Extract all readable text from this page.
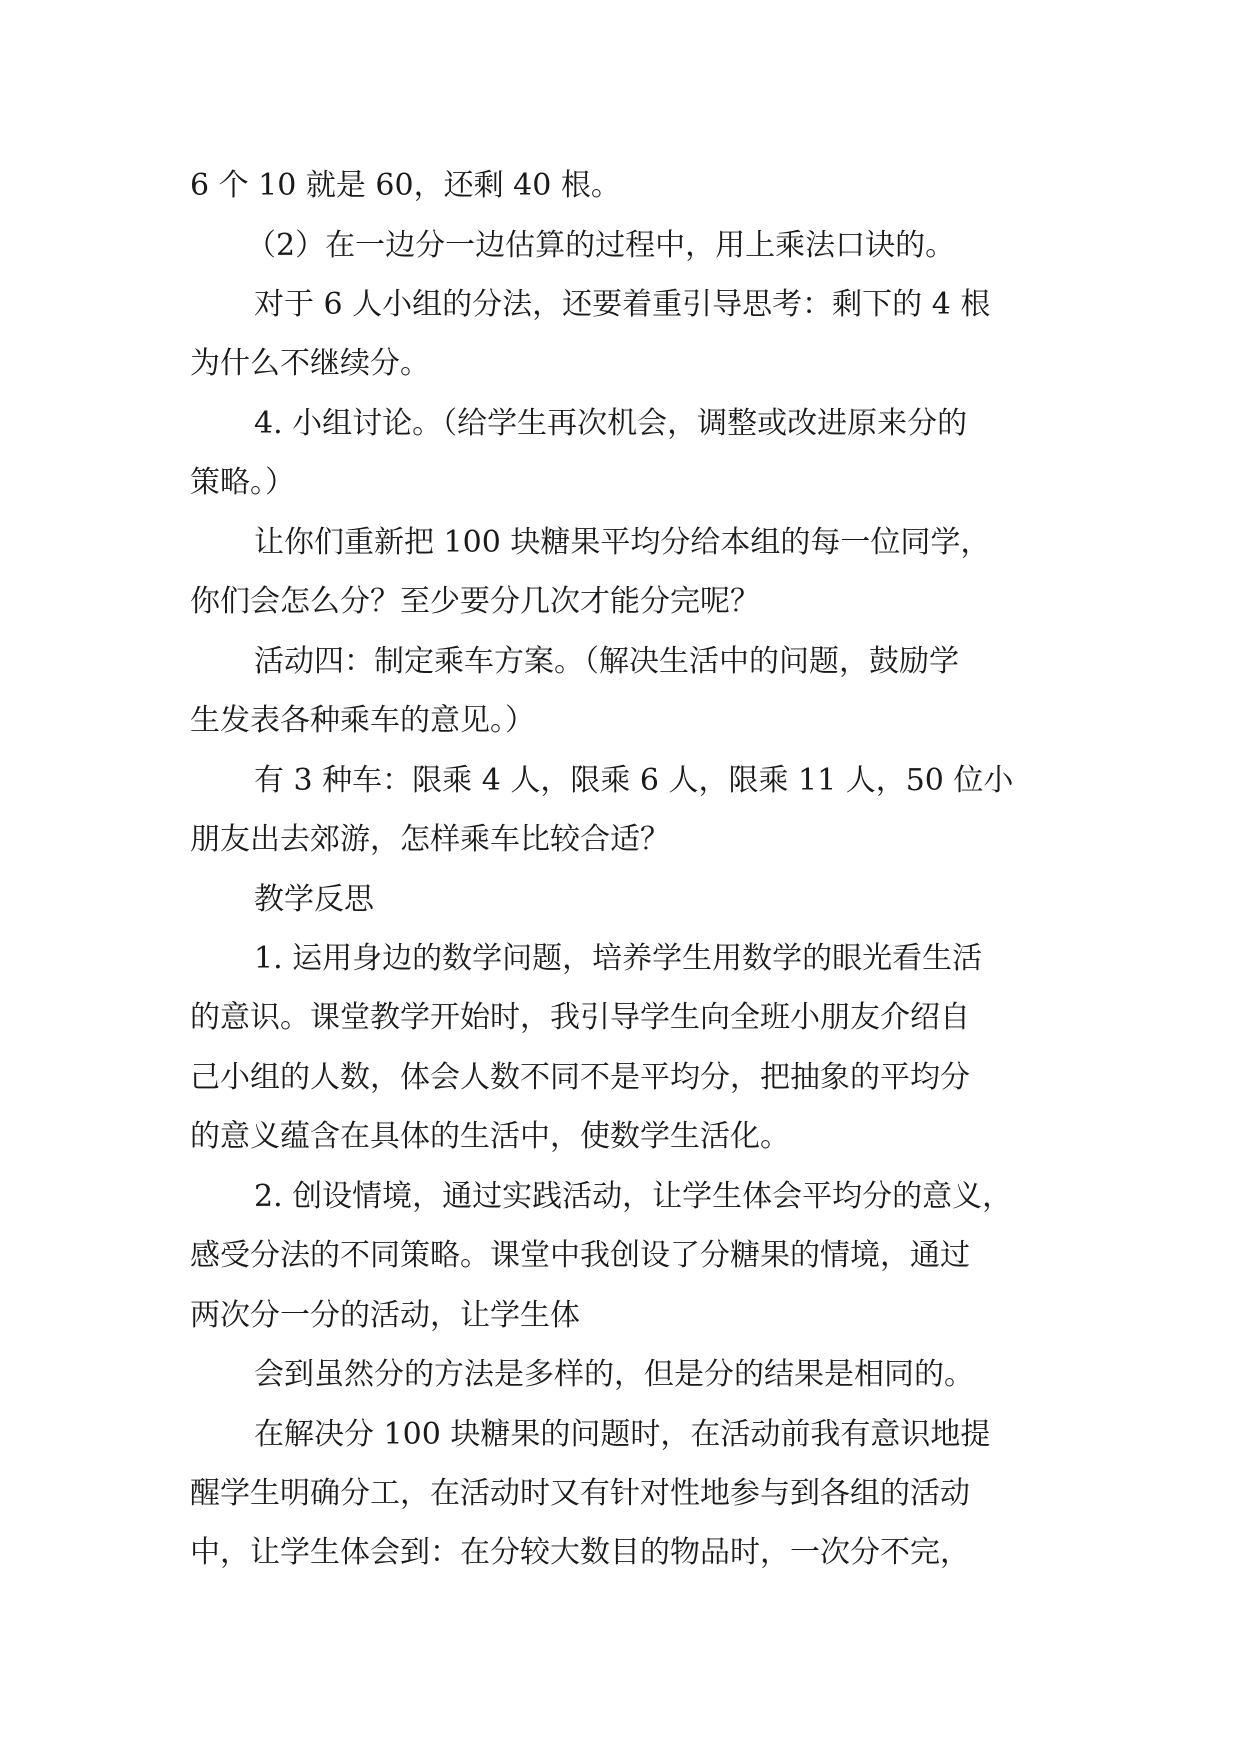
6 个 10 就是 60，还剩 40 根。
（2）在一边分一边估算的过程中，用上乘法口诀的。
对于 6 人小组的分法，还要着重引导思考：剩下的 4 根
为什么不继续分。
4. 小组讨论。（给学生再次机会，调整或改进原来分的
策略。）
让你们重新把 100 块糖果平均分给本组的每一位同学，
你们会怎么分？至少要分几次才能分完呢？
活动四：制定乘车方案。（解决生活中的问题，鼓励学
生发表各种乘车的意见。）
有 3 种车：限乘 4 人，限乘 6 人，限乘 11 人，50 位小
朋友出去郊游，怎样乘车比较合适？
教学反思
1. 运用身边的数学问题，培养学生用数学的眼光看生活
的意识。课堂教学开始时，我引导学生向全班小朋友介绍自
己小组的人数，体会人数不同不是平均分，把抽象的平均分
的意义蕴含在具体的生活中，使数学生活化。
2. 创设情境，通过实践活动，让学生体会平均分的意义，
感受分法的不同策略。课堂中我创设了分糖果的情境，通过
两次分一分的活动，让学生体
会到虽然分的方法是多样的，但是分的结果是相同的。
在解决分 100 块糖果的问题时，在活动前我有意识地提
醒学生明确分工，在活动时又有针对性地参与到各组的活动
中，让学生体会到：在分较大数目的物品时，一次分不完，
